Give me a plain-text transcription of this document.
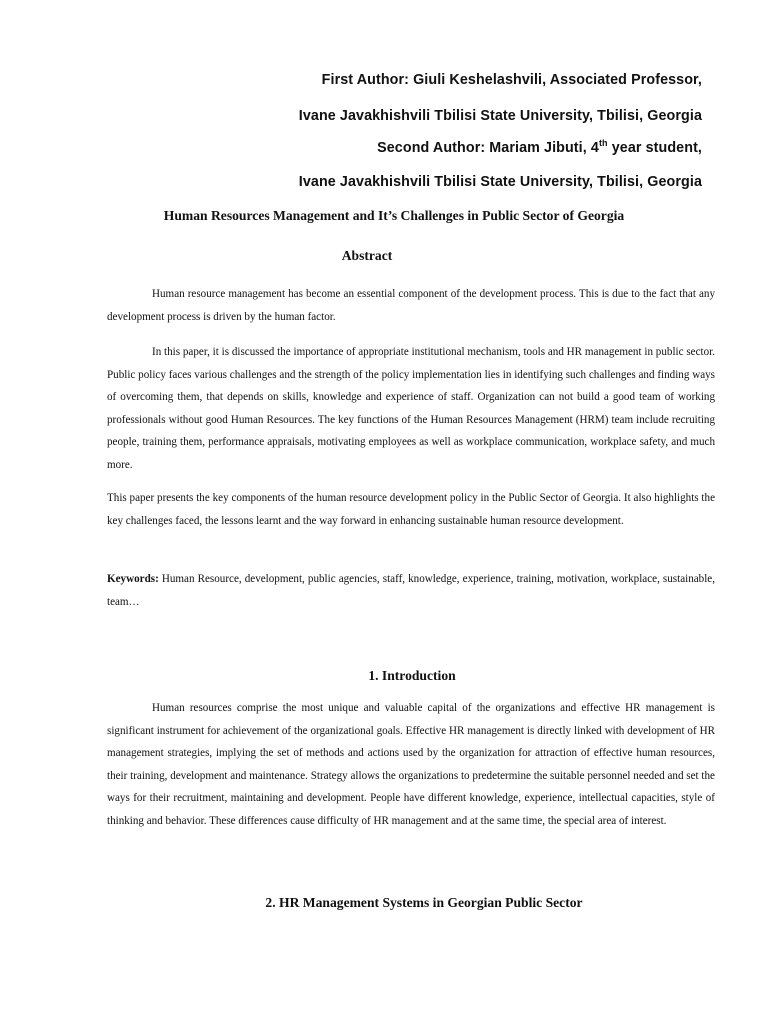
First Author: Giuli Keshelashvili, Associated Professor,

Ivane Javakhishvili Tbilisi State University, Tbilisi, Georgia

Second Author: Mariam Jibuti, 4th year student,

Ivane Javakhishvili Tbilisi State University, Tbilisi, Georgia

Human Resources Management and It’s Challenges in Public Sector of Georgia
Abstract

Human resource management has become an essential component of the development process. This is due to the fact that any development process is driven by the human factor.

In this paper, it is discussed the importance of appropriate institutional mechanism, tools and HR management in public sector. Public policy faces various challenges and the strength of the policy implementation lies in identifying such challenges and finding ways of overcoming them, that depends on skills, knowledge and experience of staff. Organization can not build a good team of working professionals without good Human Resources. The key functions of the Human Resources Management (HRM) team include recruiting people, training them, performance appraisals, motivating employees as well as workplace communication, workplace safety, and much more.

This paper presents the key components of the human resource development policy in the Public Sector of Georgia. It also highlights the key challenges faced, the lessons learnt and the way forward in enhancing sustainable human resource development.

Keywords: Human Resource, development, public agencies, staff, knowledge, experience, training, motivation, workplace, sustainable, team…

1. Introduction

Human resources comprise the most unique and valuable capital of the organizations and effective HR management is significant instrument for achievement of the organizational goals. Effective HR management is directly linked with development of HR management strategies, implying the set of methods and actions used by the organization for attraction of effective human resources, their training, development and maintenance. Strategy allows the organizations to predetermine the suitable personnel needed and set the ways for their recruitment, maintaining and development. People have different knowledge, experience, intellectual capacities, style of thinking and behavior. These differences cause difficulty of HR management and at the same time, the special area of interest.

2. HR Management Systems in Georgian Public Sector
